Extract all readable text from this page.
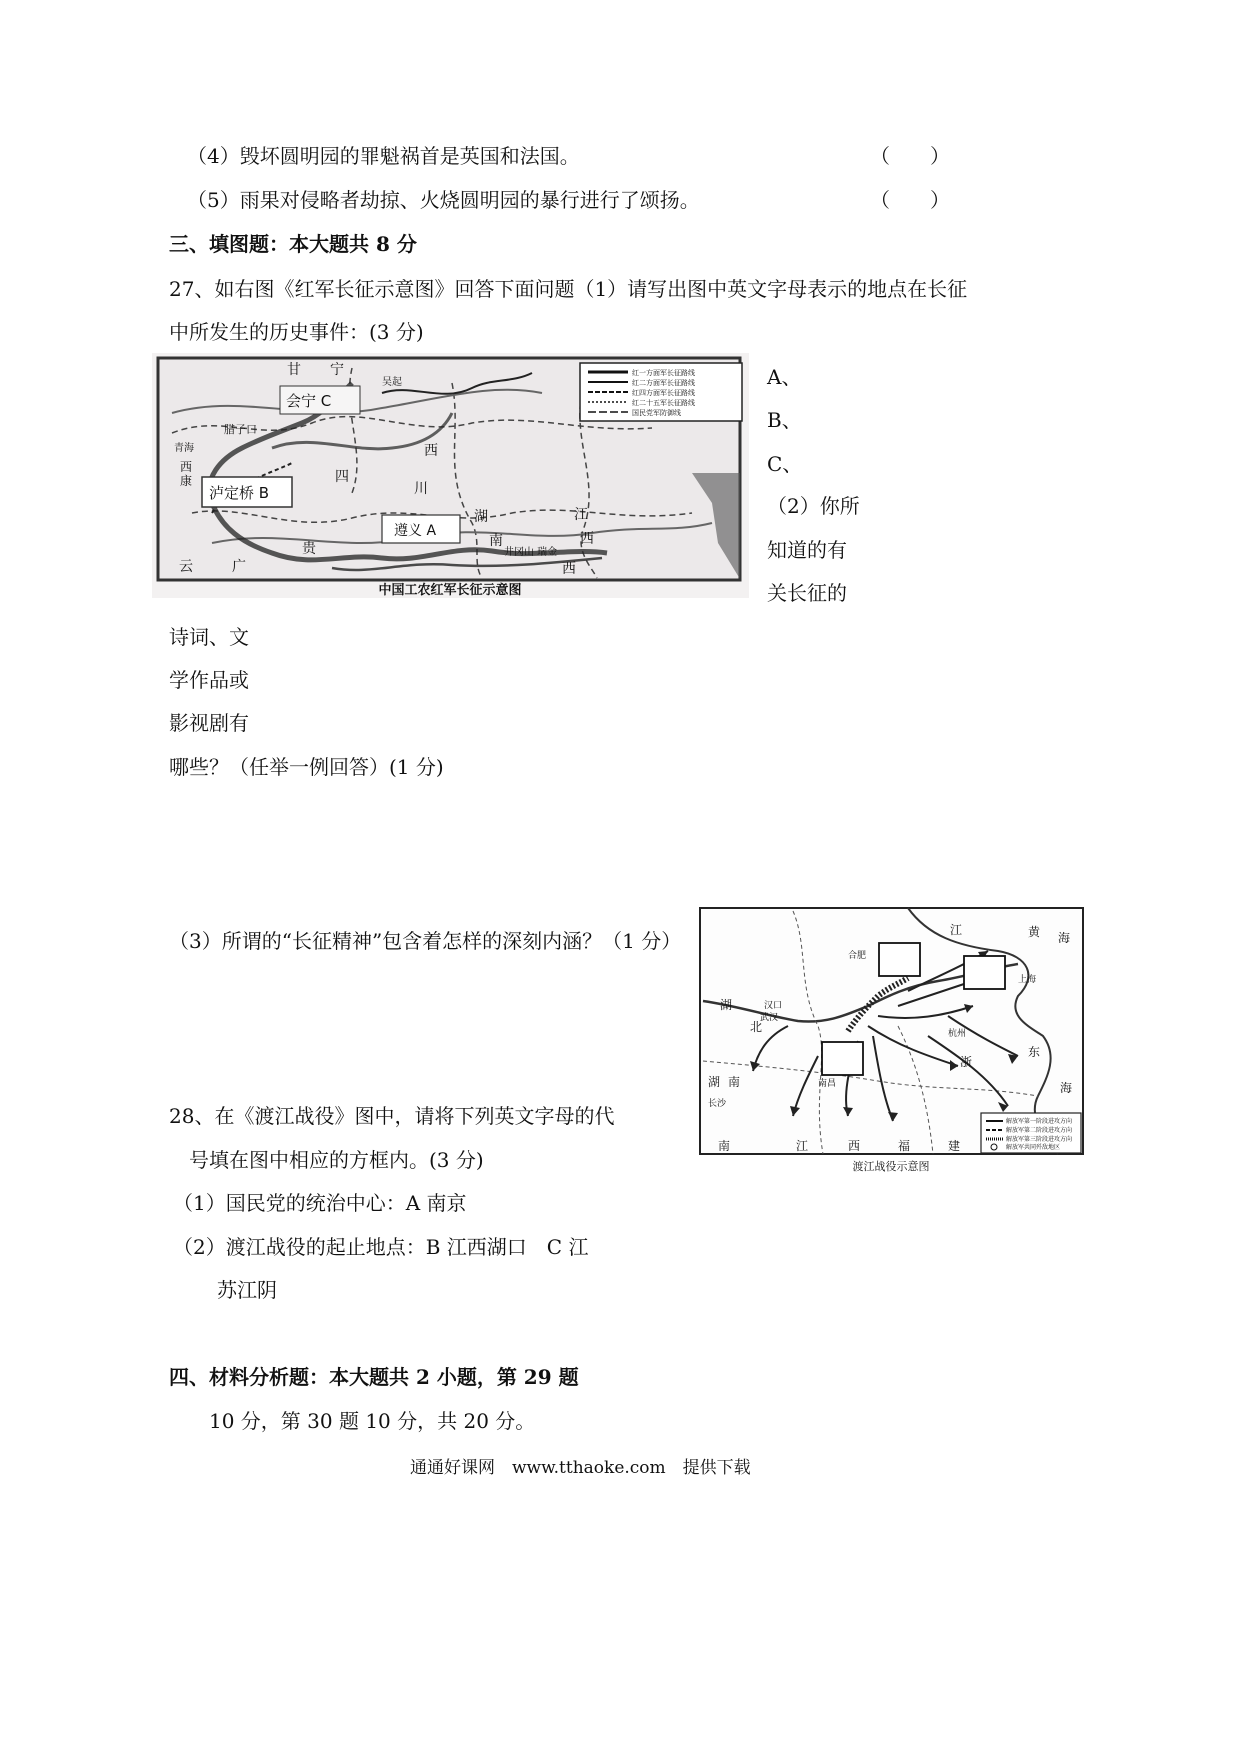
（4）毁坏圆明园的罪魁祸首是英国和法国。	（　　）
（5）雨果对侵略者劫掠、火烧圆明园的暴行进行了颂扬。	（　　）
三、填图题：本大题共 8 分
27、如右图《红军长征示意图》回答下面问题（1）请写出图中英文字母表示的地点在长征
中所发生的历史事件：(3 分)
红一方面军长征路线
红二方面军长征路线
红四方面军长征路线
红二十五军长征路线
国民党军防御线
甘 宁
会宁 C
吴起
腊子口
泸定桥 B
遵义 A
西
四
川
湖
南
江
西
云
贵
广	西
井冈山 瑞金
西
康
青海
中国工农红军长征示意图
A、
B、
C、
（2）你所
知道的有
关长征的
诗词、文
学作品或
影视剧有
哪些？（任举一例回答）(1 分)
（3）所谓的“长征精神”包含着怎样的深刻内涵？（1 分）
解放军第一阶段进攻方向
解放军第二阶段进攻方向
解放军第三阶段进攻方向
解放军共同歼敌地区
江	黄 海
合肥
汉口
武汉
湖
北
江	西	福	建
南昌
杭州
浙
东
海
长沙
南
上海
湖 南
渡江战役示意图
28、在《渡江战役》图中，请将下列英文字母的代
号填在图中相应的方框内。(3 分)
（1）国民党的统治中心：A 南京
（2）渡江战役的起止地点：B 江西湖口　C 江
苏江阴
四、材料分析题：本大题共 2 小题，第 29 题
10 分，第 30 题 10 分，共 20 分。
通通好课网　www.tthaoke.com　提供下载
